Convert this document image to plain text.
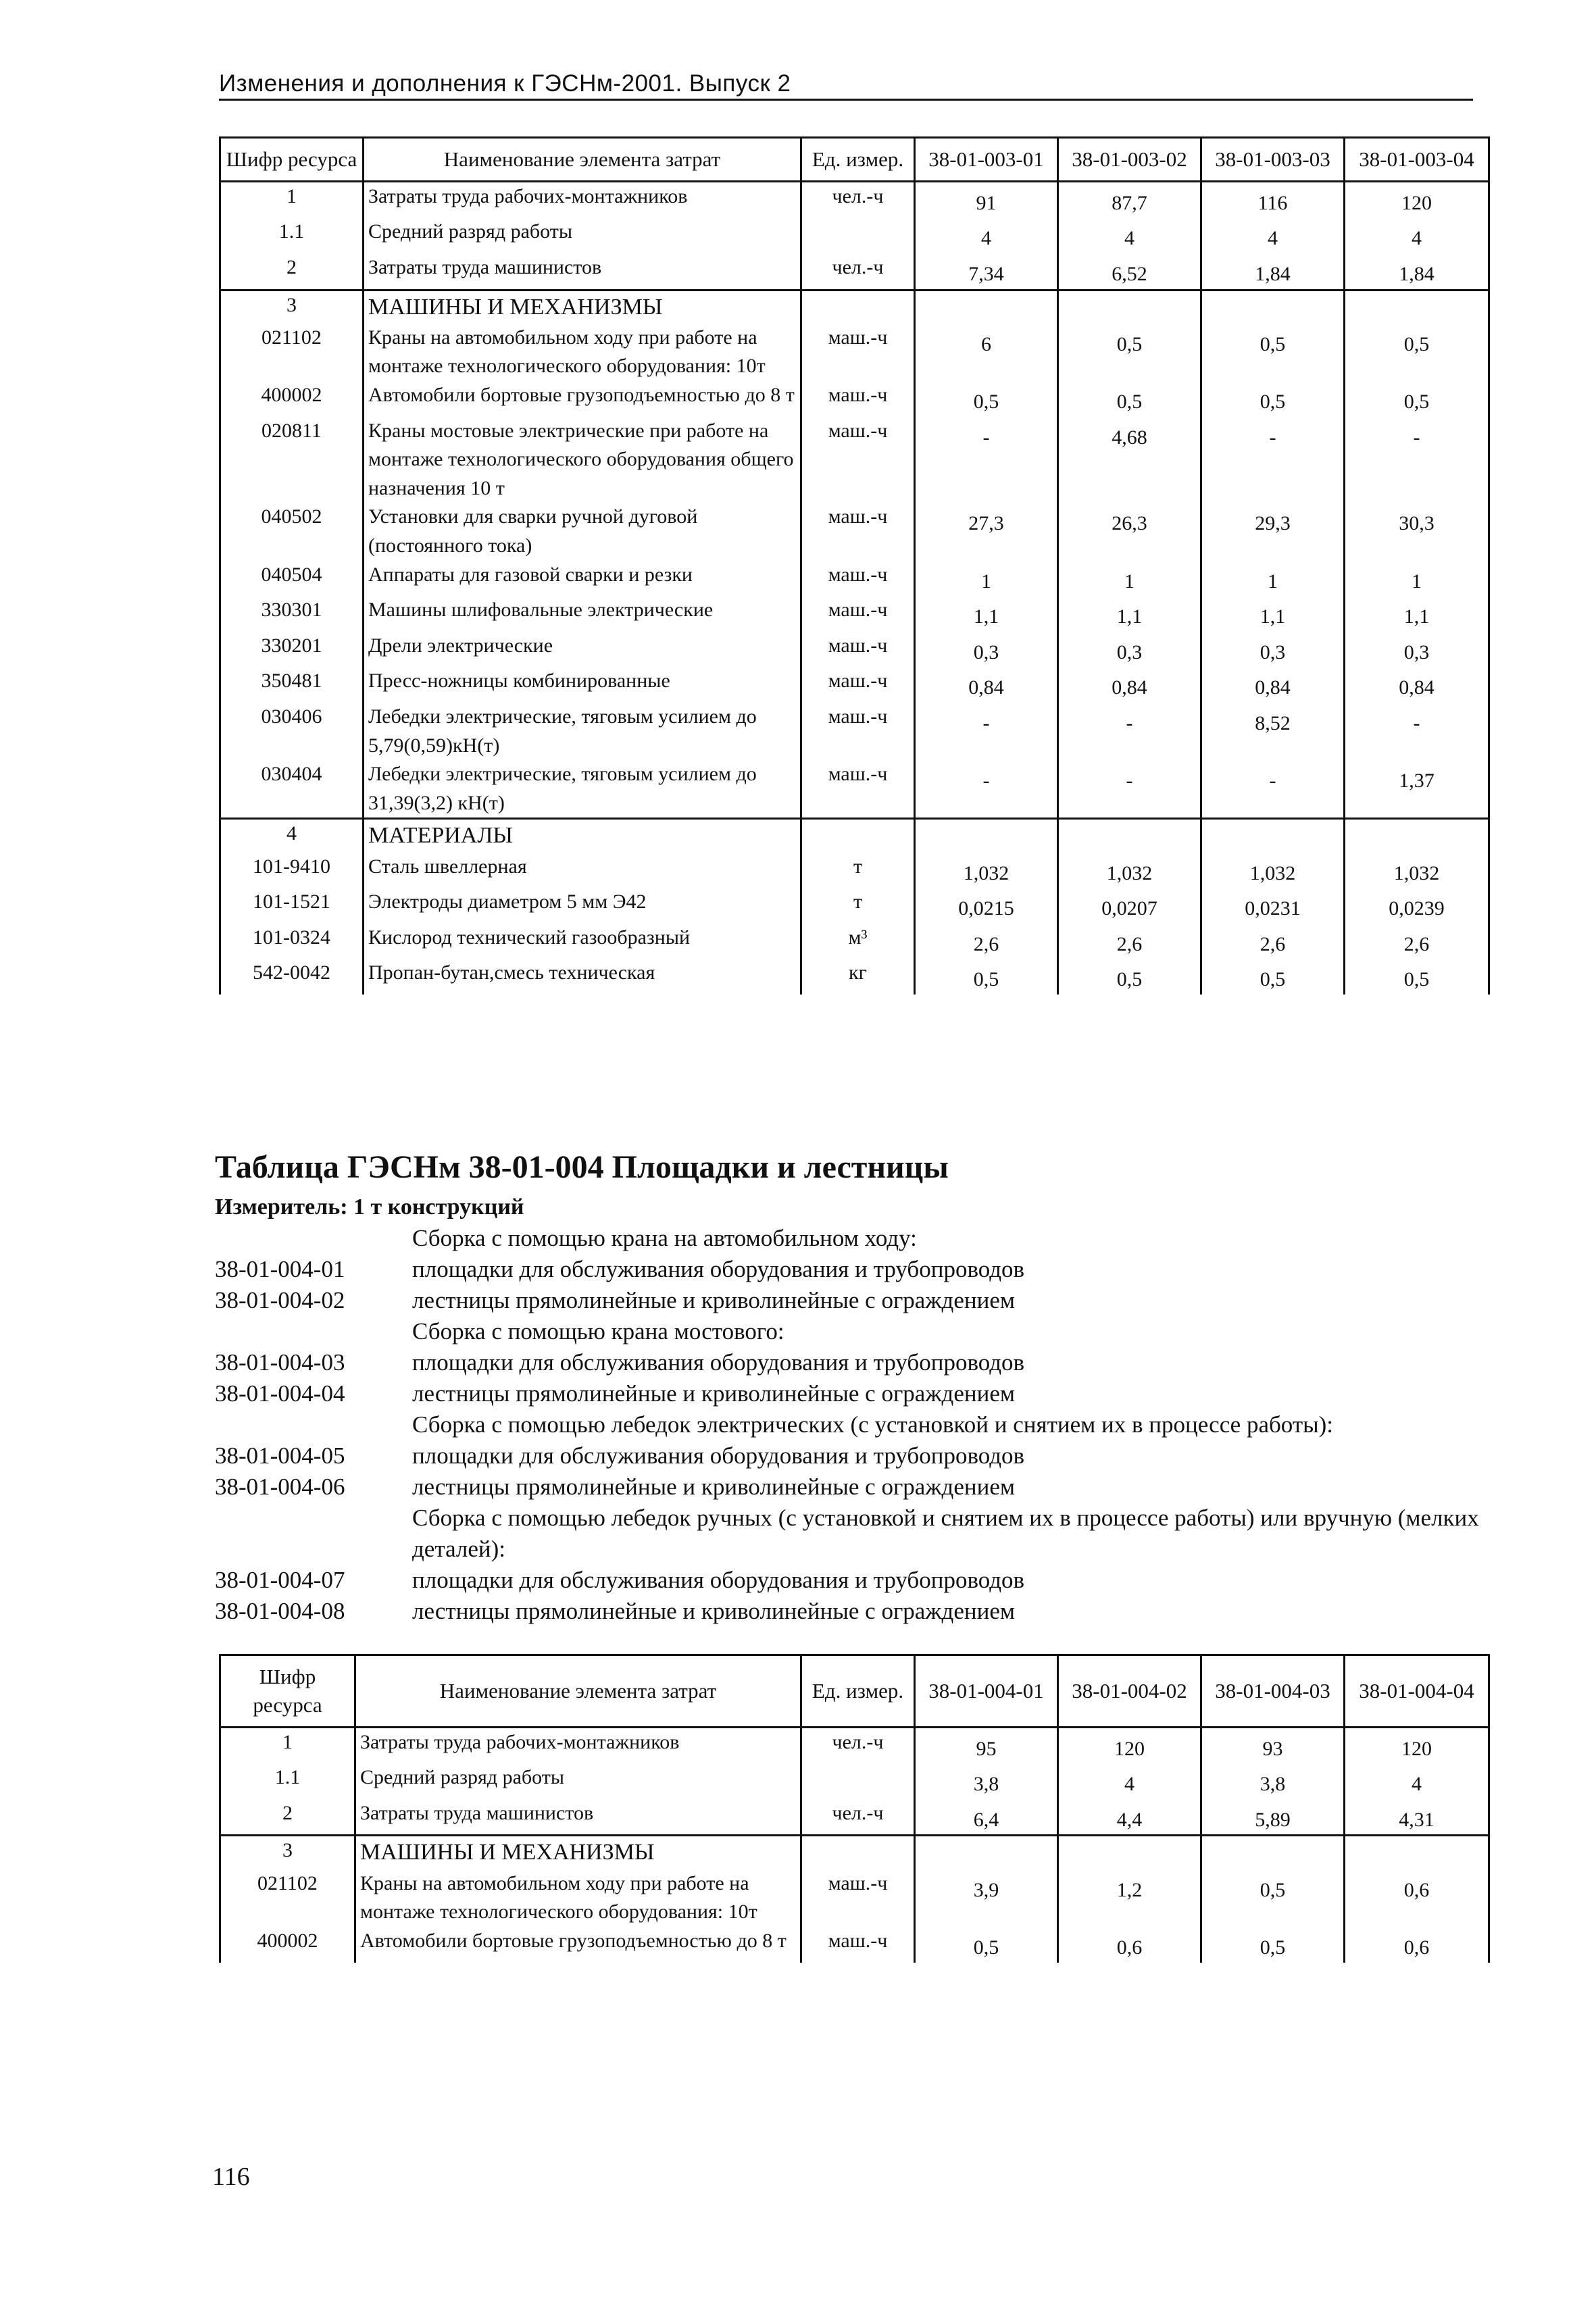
Изменения и дополнения к ГЭСНм-2001. Выпуск 2
Шифр ресурса	Наименование элемента затрат	Ед. измер.	38-01-003-01	38-01-003-02	38-01-003-03	38-01-003-04
1	Затраты труда рабочих-монтажников	чел.-ч	91	87,7	116	120
1.1	Средний разряд работы		4	4	4	4
2	Затраты труда машинистов	чел.-ч	7,34	6,52	1,84	1,84
3	МАШИНЫ И МЕХАНИЗМЫ					
021102	Краны на автомобильном ходу при работе на монтаже технологического оборудования: 10т	маш.-ч	6	0,5	0,5	0,5
400002	Автомобили бортовые грузоподъемностью до 8 т	маш.-ч	0,5	0,5	0,5	0,5
020811	Краны мостовые электрические при работе на монтаже технологического оборудования общего назначения 10 т	маш.-ч	-	4,68	-	-
040502	Установки для сварки ручной дуговой (постоянного тока)	маш.-ч	27,3	26,3	29,3	30,3
040504	Аппараты для газовой сварки и резки	маш.-ч	1	1	1	1
330301	Машины шлифовальные электрические	маш.-ч	1,1	1,1	1,1	1,1
330201	Дрели электрические	маш.-ч	0,3	0,3	0,3	0,3
350481	Пресс-ножницы комбинированные	маш.-ч	0,84	0,84	0,84	0,84
030406	Лебедки электрические, тяговым усилием до 5,79(0,59)кН(т)	маш.-ч	-	-	8,52	-
030404	Лебедки электрические, тяговым усилием до 31,39(3,2) кН(т)	маш.-ч	-	-	-	1,37
4	МАТЕРИАЛЫ					
101-9410	Сталь швеллерная	т	1,032	1,032	1,032	1,032
101-1521	Электроды диаметром 5 мм Э42	т	0,0215	0,0207	0,0231	0,0239
101-0324	Кислород технический газообразный	м³	2,6	2,6	2,6	2,6
542-0042	Пропан-бутан,смесь техническая	кг	0,5	0,5	0,5	0,5
Таблица ГЭСНм 38-01-004 Площадки и лестницы
Измеритель: 1 т конструкций
Сборка с помощью крана на автомобильном ходу:
38-01-004-01	площадки для обслуживания оборудования и трубопроводов
38-01-004-02	лестницы прямолинейные и криволинейные с ограждением
Сборка с помощью крана мостового:
38-01-004-03	площадки для обслуживания оборудования и трубопроводов
38-01-004-04	лестницы прямолинейные и криволинейные с ограждением
Сборка с помощью лебедок электрических (с установкой и снятием их в процессе работы):
38-01-004-05	площадки для обслуживания оборудования и трубопроводов
38-01-004-06	лестницы прямолинейные и криволинейные с ограждением
Сборка с помощью лебедок ручных (с установкой и снятием их в процессе работы) или вручную (мелких деталей):
38-01-004-07	площадки для обслуживания оборудования и трубопроводов
38-01-004-08	лестницы прямолинейные и криволинейные с ограждением
Шифр ресурса	Наименование элемента затрат	Ед. измер.	38-01-004-01	38-01-004-02	38-01-004-03	38-01-004-04
1	Затраты труда рабочих-монтажников	чел.-ч	95	120	93	120
1.1	Средний разряд работы		3,8	4	3,8	4
2	Затраты труда машинистов	чел.-ч	6,4	4,4	5,89	4,31
3	МАШИНЫ И МЕХАНИЗМЫ					
021102	Краны на автомобильном ходу при работе на монтаже технологического оборудования: 10т	маш.-ч	3,9	1,2	0,5	0,6
400002	Автомобили бортовые грузоподъемностью до 8 т	маш.-ч	0,5	0,6	0,5	0,6
116
